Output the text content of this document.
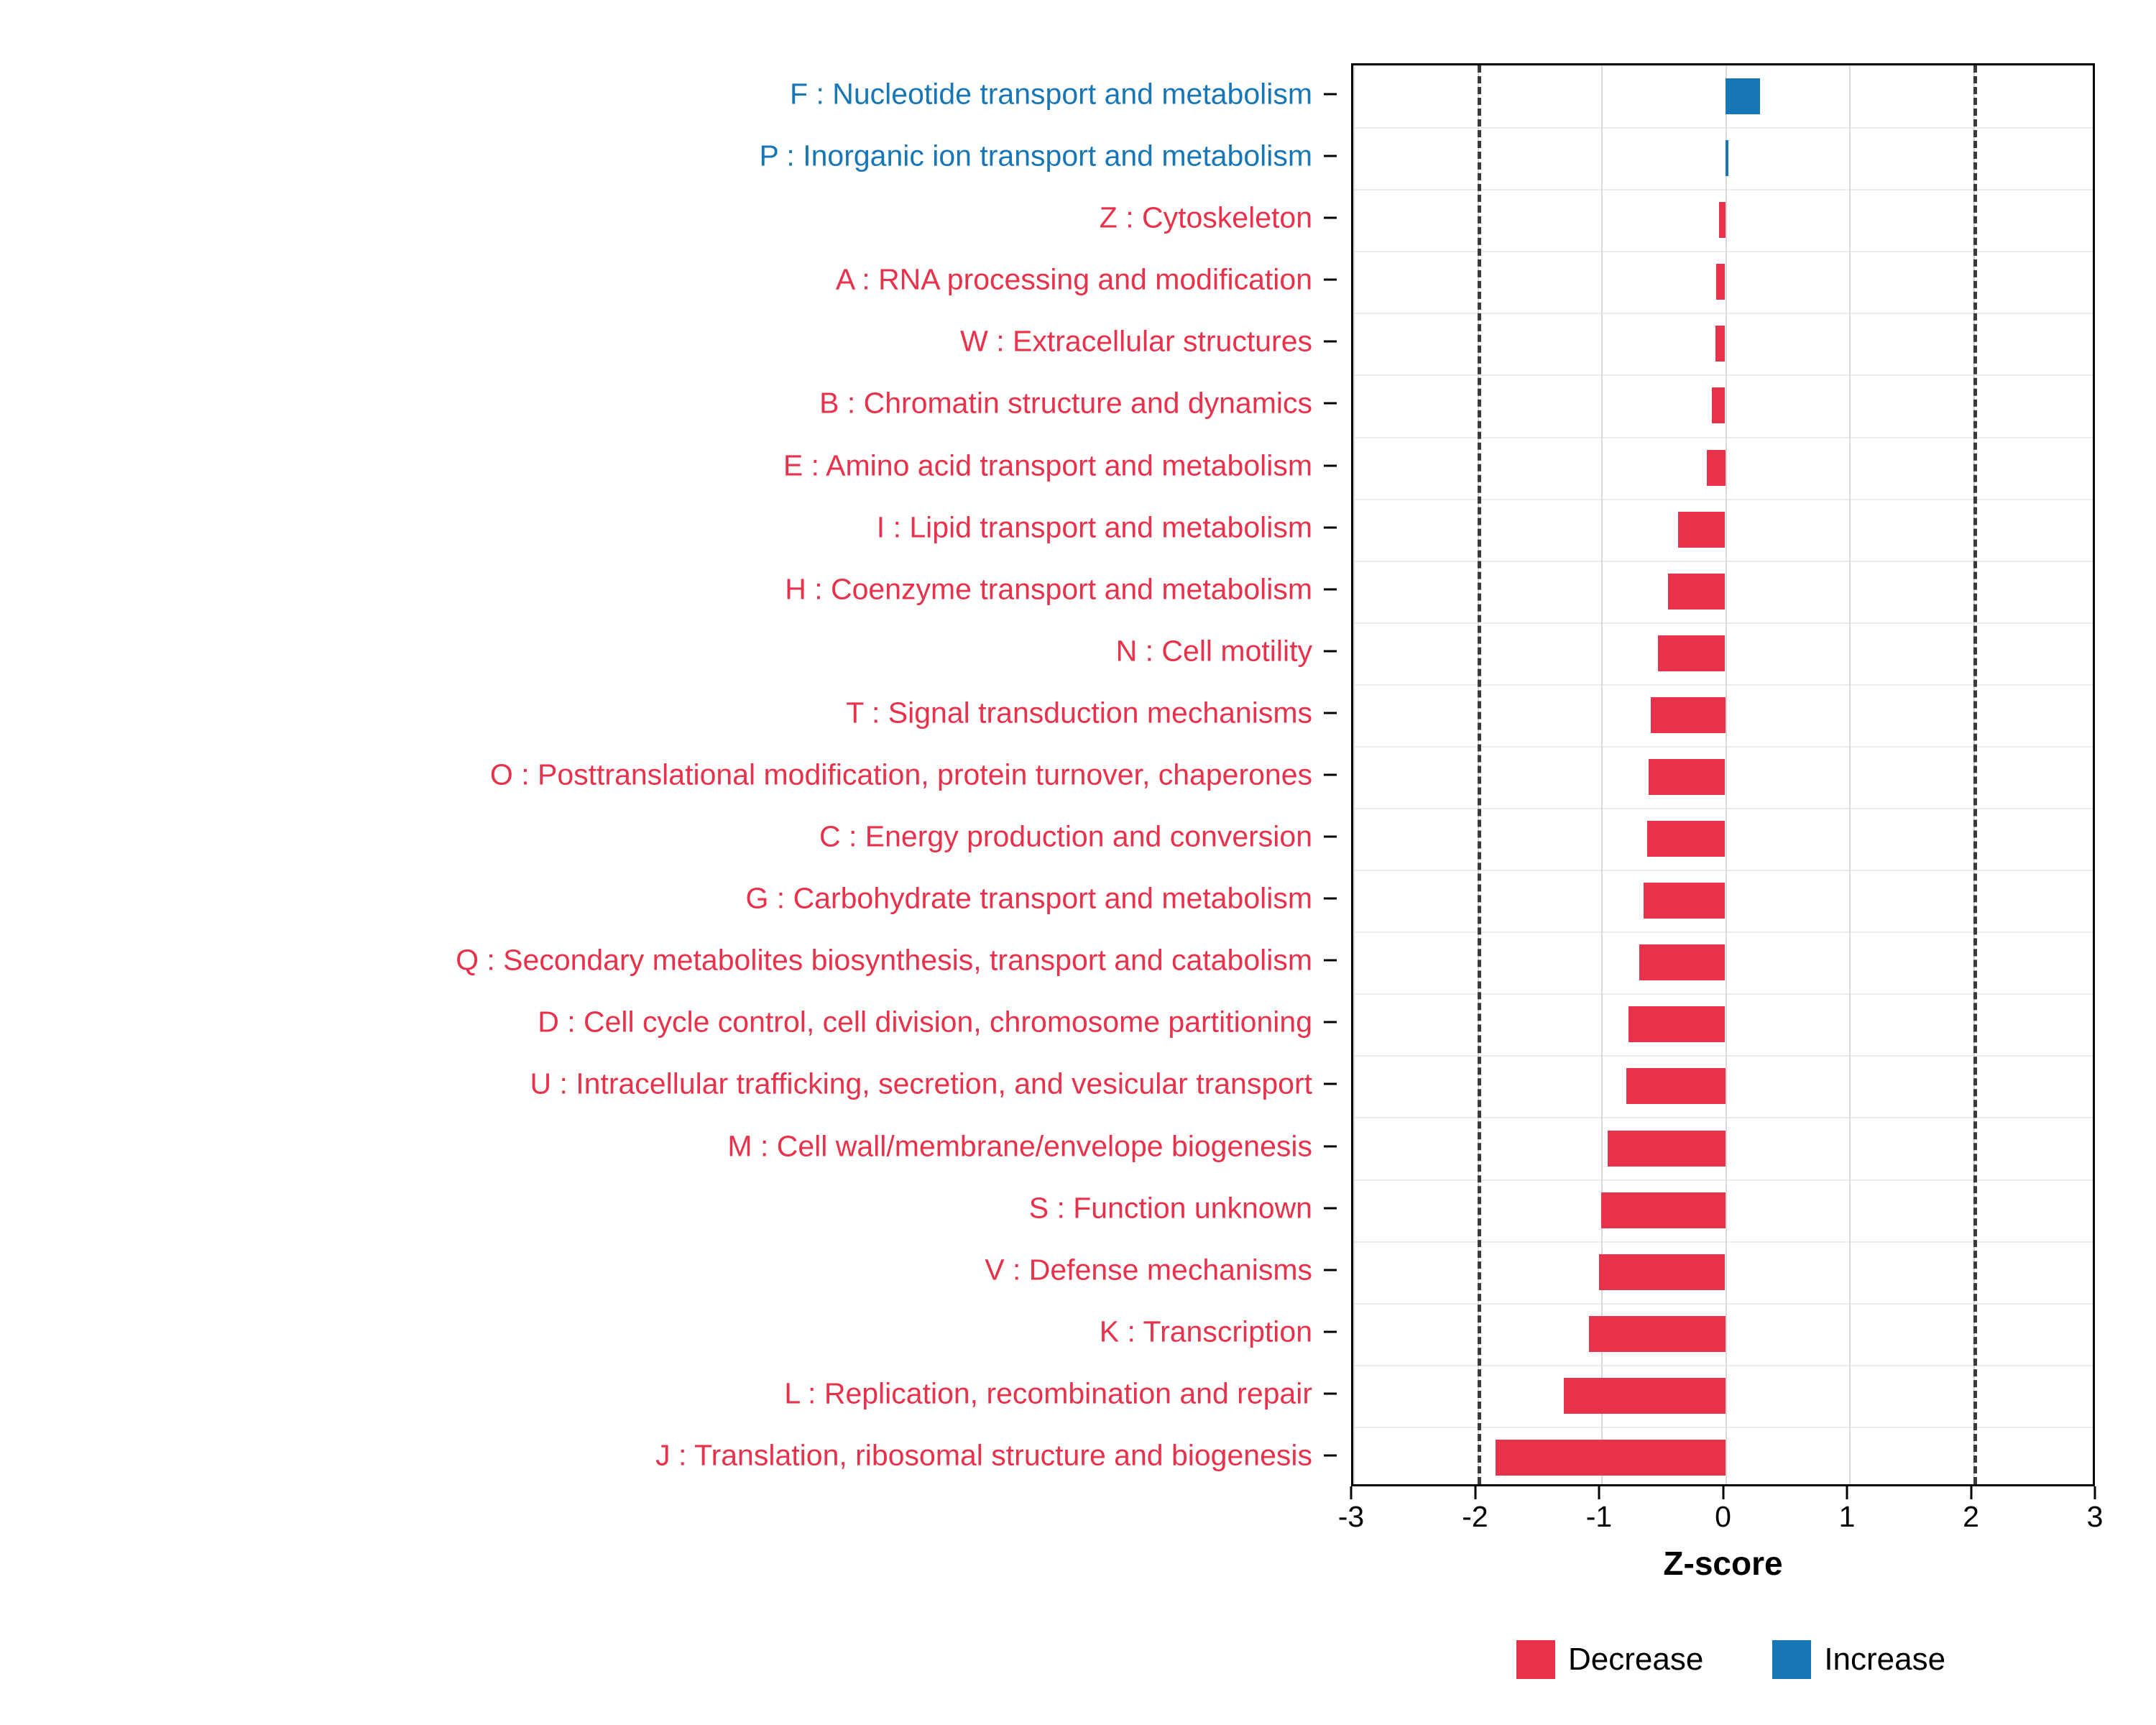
F : Nucleotide transport and metabolism
P : Inorganic ion transport and metabolism
Z : Cytoskeleton
A : RNA processing and modification
W : Extracellular structures
B : Chromatin structure and dynamics
E : Amino acid transport and metabolism
I : Lipid transport and metabolism
H : Coenzyme transport and metabolism
N : Cell motility
T : Signal transduction mechanisms
O : Posttranslational modification, protein turnover, chaperones
C : Energy production and conversion
G : Carbohydrate transport and metabolism
Q : Secondary metabolites biosynthesis, transport and catabolism
D : Cell cycle control, cell division, chromosome partitioning
U : Intracellular trafficking, secretion, and vesicular transport
M : Cell wall/membrane/envelope biogenesis
S : Function unknown
V : Defense mechanisms
K : Transcription
L : Replication, recombination and repair
J : Translation, ribosomal structure and biogenesis
-3	-2	-1	0	1	2	3
Z-score
Decrease	Increase
